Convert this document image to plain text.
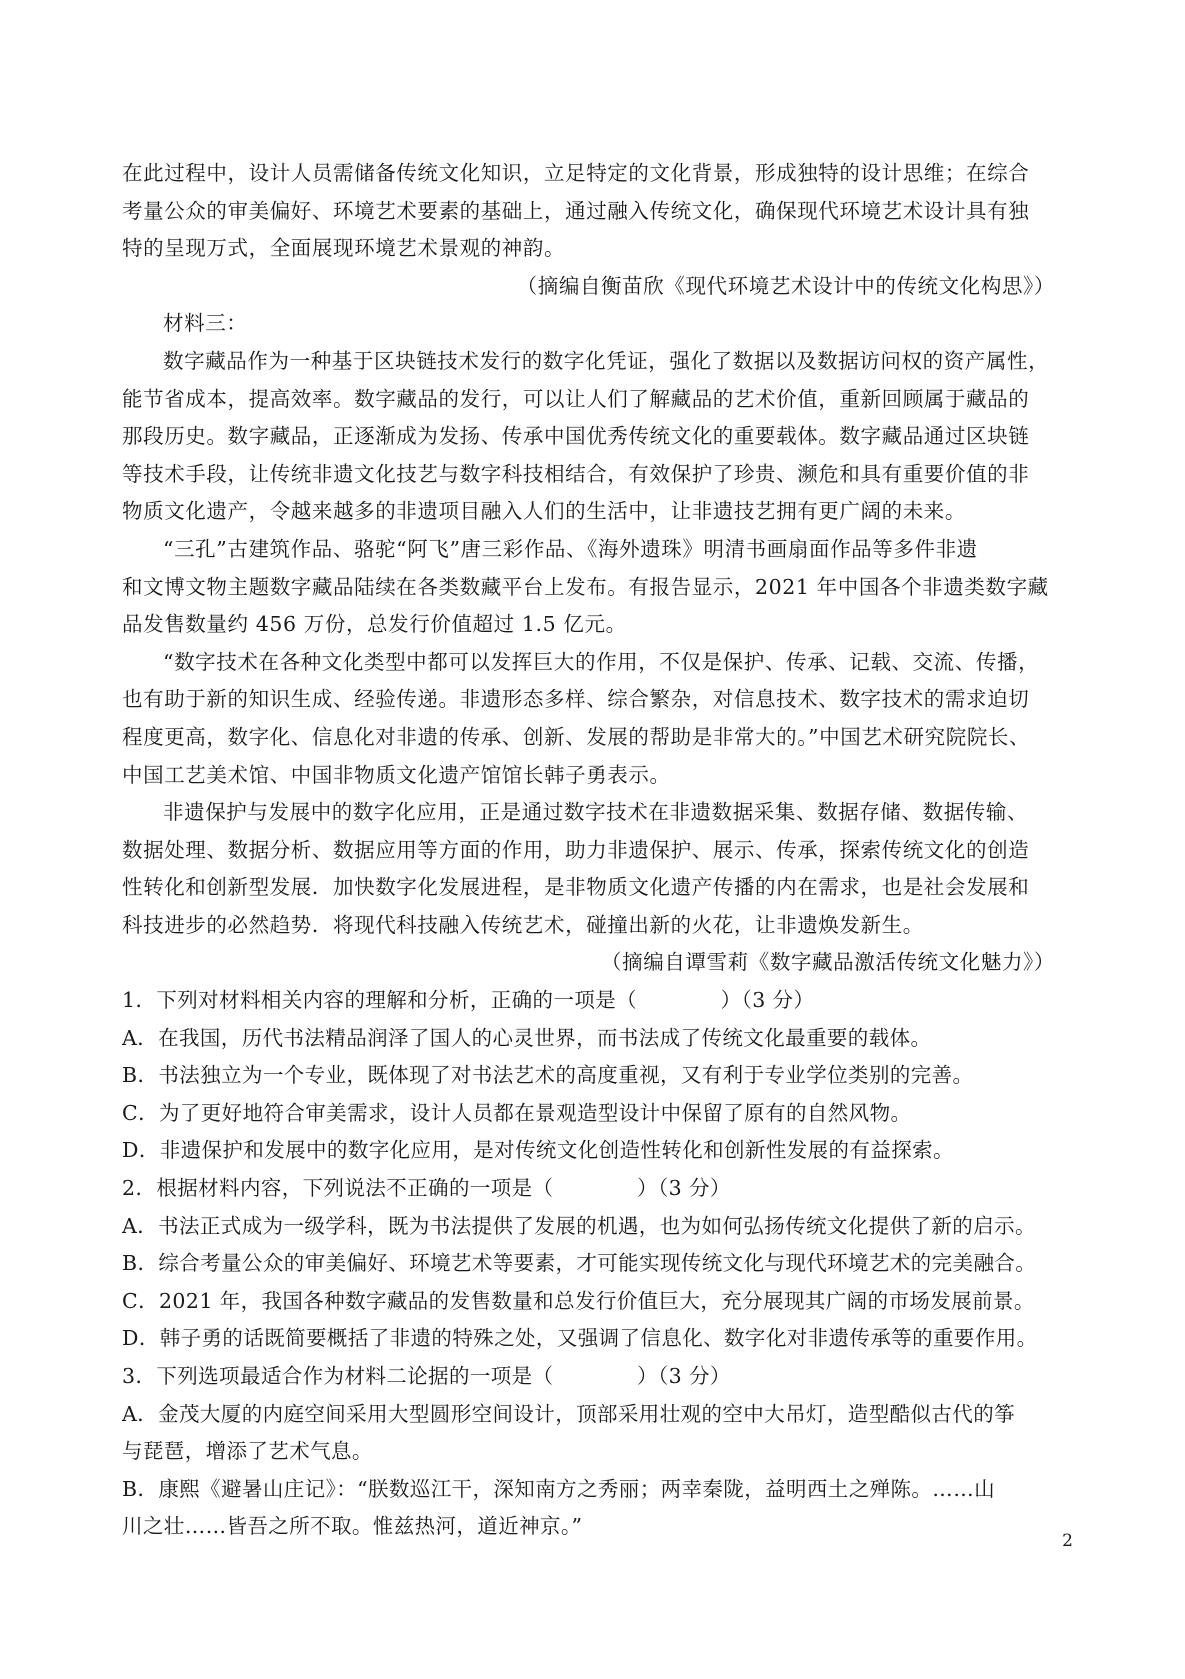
在此过程中，设计人员需储备传统文化知识，立足特定的文化背景，形成独特的设计思维；在综合
考量公众的审美偏好、环境艺术要素的基础上，通过融入传统文化，确保现代环境艺术设计具有独
特的呈现万式，全面展现环境艺术景观的神韵。
（摘编自衡苗欣《现代环境艺术设计中的传统文化构思》）
材料三：
数字藏品作为一种基于区块链技术发行的数字化凭证，强化了数据以及数据访问权的资产属性，
能节省成本，提高效率。数字藏品的发行，可以让人们了解藏品的艺术价值，重新回顾属于藏品的
那段历史。数字藏品，正逐渐成为发扬、传承中国优秀传统文化的重要载体。数字藏品通过区块链
等技术手段，让传统非遗文化技艺与数字科技相结合，有效保护了珍贵、濒危和具有重要价值的非
物质文化遗产，令越来越多的非遗项目融入人们的生活中，让非遗技艺拥有更广阔的未来。
“三孔”古建筑作品、骆驼“阿飞”唐三彩作品、《海外遗珠》明清书画扇面作品等多件非遗
和文博文物主题数字藏品陆续在各类数藏平台上发布。有报告显示，2021 年中国各个非遗类数字藏
品发售数量约 456 万份，总发行价值超过 1.5 亿元。
“数字技术在各种文化类型中都可以发挥巨大的作用，不仅是保护、传承、记载、交流、传播，
也有助于新的知识生成、经验传递。非遗形态多样、综合繁杂，对信息技术、数字技术的需求迫切
程度更高，数字化、信息化对非遗的传承、创新、发展的帮助是非常大的。”中国艺术研究院院长、
中国工艺美术馆、中国非物质文化遗产馆馆长韩子勇表示。
非遗保护与发展中的数字化应用，正是通过数字技术在非遗数据采集、数据存储、数据传输、
数据处理、数据分析、数据应用等方面的作用，助力非遗保护、展示、传承，探索传统文化的创造
性转化和创新型发展．加快数字化发展进程，是非物质文化遗产传播的内在需求，也是社会发展和
科技进步的必然趋势．将现代科技融入传统艺术，碰撞出新的火花，让非遗焕发新生。
（摘编自谭雪莉《数字藏品激活传统文化魅力》）
1．下列对材料相关内容的理解和分析，正确的一项是（　　　　）（3 分）
A．在我国，历代书法精品润泽了国人的心灵世界，而书法成了传统文化最重要的载体。
B．书法独立为一个专业，既体现了对书法艺术的高度重视，又有利于专业学位类别的完善。
C．为了更好地符合审美需求，设计人员都在景观造型设计中保留了原有的自然风物。
D．非遗保护和发展中的数字化应用，是对传统文化创造性转化和创新性发展的有益探索。
2．根据材料内容，下列说法不正确的一项是（　　　　）（3 分）
A．书法正式成为一级学科，既为书法提供了发展的机遇，也为如何弘扬传统文化提供了新的启示。
B．综合考量公众的审美偏好、环境艺术等要素，才可能实现传统文化与现代环境艺术的完美融合。
C．2021 年，我国各种数字藏品的发售数量和总发行价值巨大，充分展现其广阔的市场发展前景。
D．韩子勇的话既简要概括了非遗的特殊之处，又强调了信息化、数字化对非遗传承等的重要作用。
3．下列选项最适合作为材料二论据的一项是（　　　　）（3 分）
A．金茂大厦的内庭空间采用大型圆形空间设计，顶部采用壮观的空中大吊灯，造型酷似古代的筝
与琵琶，增添了艺术气息。
B．康熙《避暑山庄记》：“朕数巡江干，深知南方之秀丽；两幸秦陇，益明西土之殚陈。……山
川之壮……皆吾之所不取。惟兹热河，道近神京。”
2
